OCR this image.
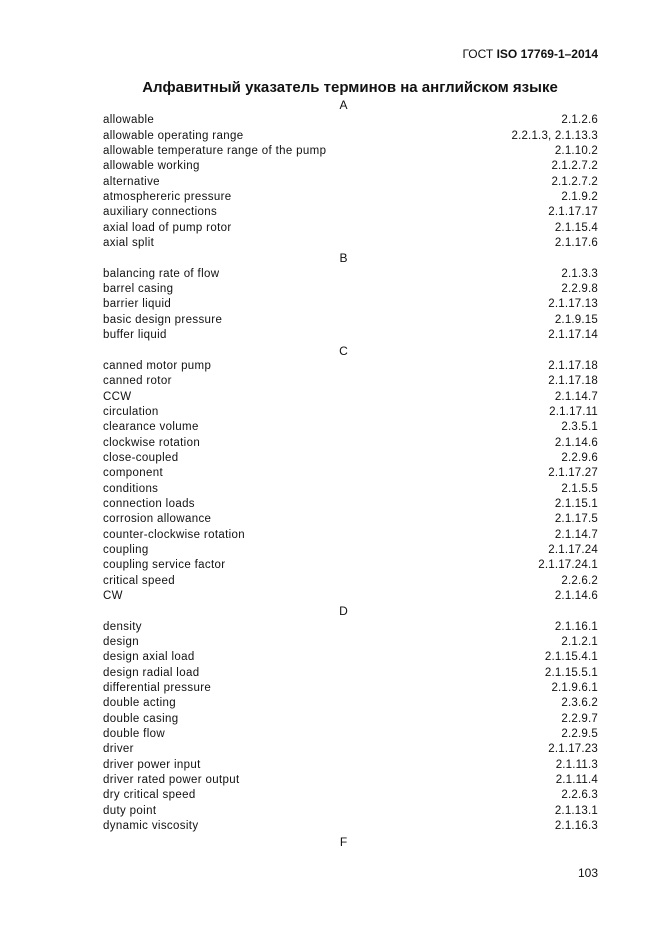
ГОСТ ISO 17769-1–2014
Алфавитный указатель терминов на английском языке
A
allowable	2.1.2.6
allowable operating range	2.2.1.3, 2.1.13.3
allowable temperature range of the pump	2.1.10.2
allowable working	2.1.2.7.2
alternative	2.1.2.7.2
atmosphereric pressure	2.1.9.2
auxiliary connections	2.1.17.17
axial load of pump rotor	2.1.15.4
axial split	2.1.17.6
B
balancing rate of flow	2.1.3.3
barrel casing	2.2.9.8
barrier liquid	2.1.17.13
basic design pressure	2.1.9.15
buffer liquid	2.1.17.14
C
canned motor pump	2.1.17.18
canned rotor	2.1.17.18
CCW	2.1.14.7
circulation	2.1.17.11
clearance volume	2.3.5.1
clockwise rotation	2.1.14.6
close-coupled	2.2.9.6
component	2.1.17.27
conditions	2.1.5.5
connection loads	2.1.15.1
corrosion allowance	2.1.17.5
counter-clockwise rotation	2.1.14.7
coupling	2.1.17.24
coupling service factor	2.1.17.24.1
critical speed	2.2.6.2
CW	2.1.14.6
D
density	2.1.16.1
design	2.1.2.1
design axial load	2.1.15.4.1
design radial load	2.1.15.5.1
differential pressure	2.1.9.6.1
double acting	2.3.6.2
double casing	2.2.9.7
double flow	2.2.9.5
driver	2.1.17.23
driver power input	2.1.11.3
driver rated power output	2.1.11.4
dry critical speed	2.2.6.3
duty point	2.1.13.1
dynamic viscosity	2.1.16.3
F
103
